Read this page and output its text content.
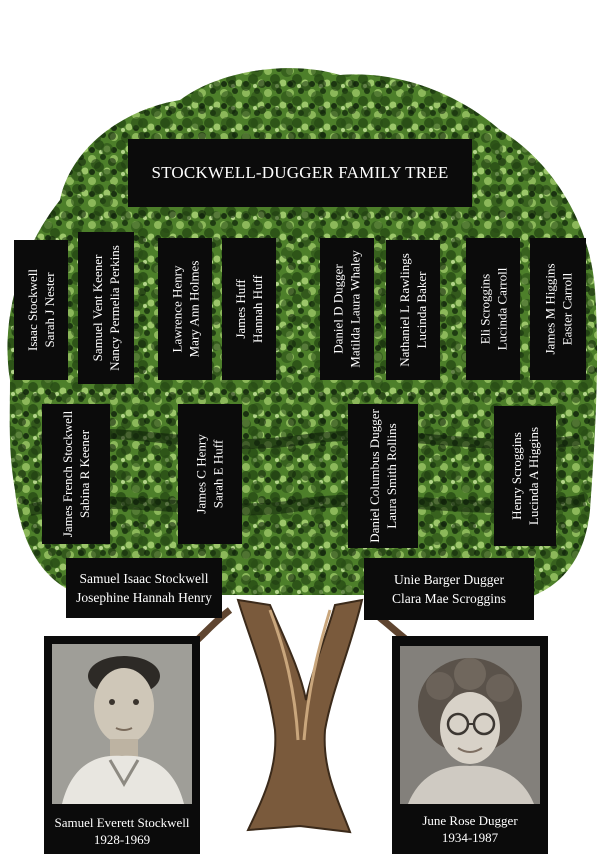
STOCKWELL-DUGGER FAMILY TREE
Isaac Stockwell Sarah J Nester	Samuel Vent Keener Nancy Permelia Perkins	Lawrence Henry Mary Ann Holmes James Huff Hannah Huff	Daniel D Dugger Matilda Laura Whaley	Nathaniel L Rawlings Lucinda Baker	Eli Scroggins Lucinda Carroll	James M Higgins Easter Carroll
James French Stockwell Sabina R Keener	James C Henry Sarah E Huff	Daniel Columbus Dugger Laura Smith Rollins	Henry Scroggins Lucinda A Higgins
Samuel Isaac Stockwell
Josephine Hannah Henry
Unie Barger Dugger
Clara Mae Scroggins
Samuel Everett Stockwell
1928-1969
June Rose Dugger
1934-1987
